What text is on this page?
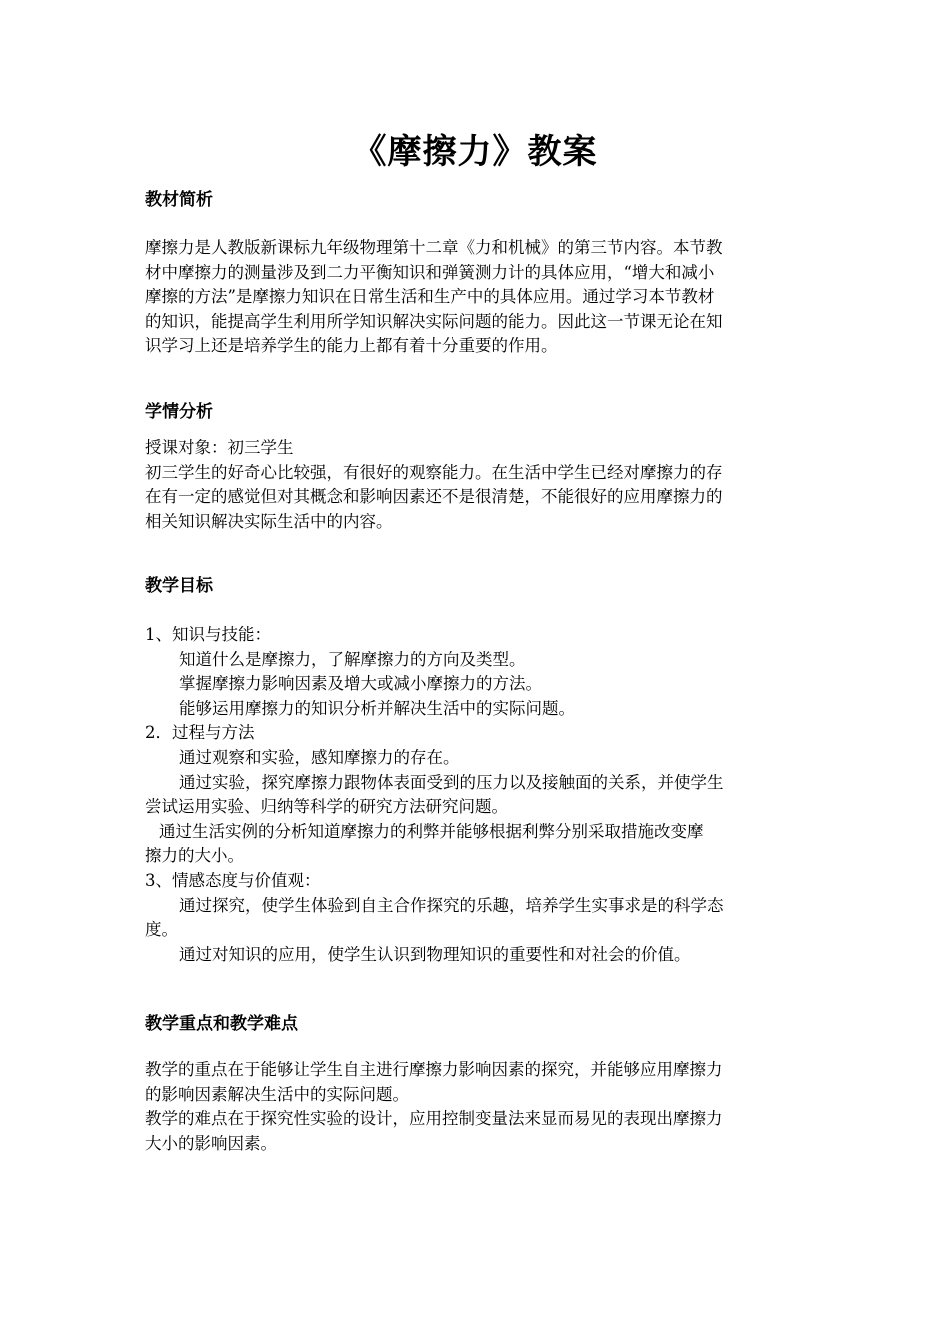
《摩擦力》教案
教材简析
摩擦力是人教版新课标九年级物理第十二章《力和机械》的第三节内容。本节教
材中摩擦力的测量涉及到二力平衡知识和弹簧测力计的具体应用，“增大和减小
摩擦的方法”是摩擦力知识在日常生活和生产中的具体应用。通过学习本节教材
的知识，能提高学生利用所学知识解决实际问题的能力。因此这一节课无论在知
识学习上还是培养学生的能力上都有着十分重要的作用。
学情分析
授课对象：初三学生
初三学生的好奇心比较强，有很好的观察能力。在生活中学生已经对摩擦力的存
在有一定的感觉但对其概念和影响因素还不是很清楚，不能很好的应用摩擦力的
相关知识解决实际生活中的内容。
教学目标
1、知识与技能：
知道什么是摩擦力，了解摩擦力的方向及类型。
掌握摩擦力影响因素及增大或减小摩擦力的方法。
能够运用摩擦力的知识分析并解决生活中的实际问题。
2．过程与方法
通过观察和实验，感知摩擦力的存在。
通过实验，探究摩擦力跟物体表面受到的压力以及接触面的关系，并使学生
尝试运用实验、归纳等科学的研究方法研究问题。
通过生活实例的分析知道摩擦力的利弊并能够根据利弊分别采取措施改变摩
擦力的大小。
3、情感态度与价值观：
通过探究，使学生体验到自主合作探究的乐趣，培养学生实事求是的科学态
度。
通过对知识的应用，使学生认识到物理知识的重要性和对社会的价值。
教学重点和教学难点
教学的重点在于能够让学生自主进行摩擦力影响因素的探究，并能够应用摩擦力
的影响因素解决生活中的实际问题。
教学的难点在于探究性实验的设计，应用控制变量法来显而易见的表现出摩擦力
大小的影响因素。
